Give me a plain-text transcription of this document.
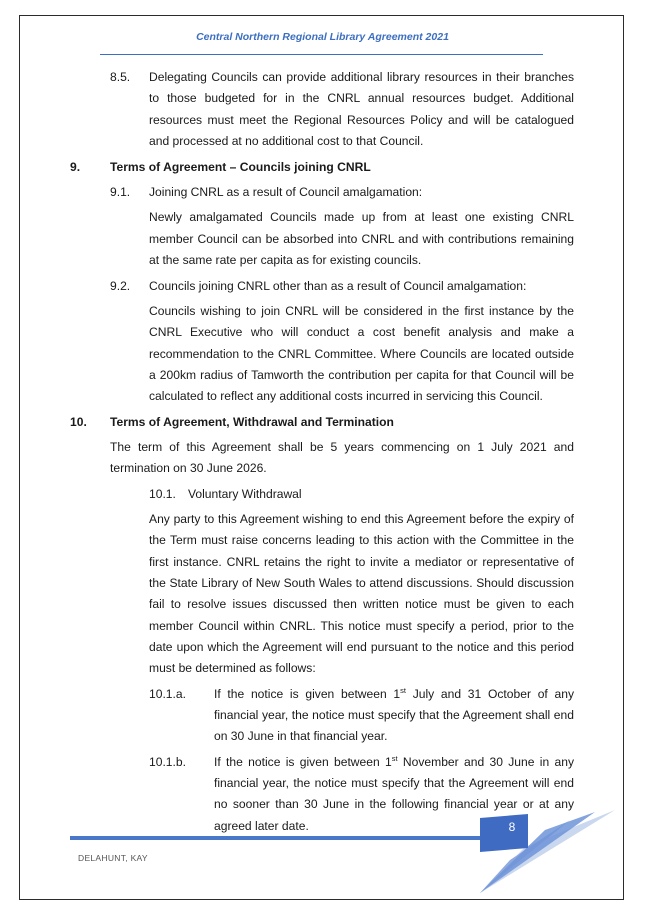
Central Northern Regional Library Agreement 2021
8.5. Delegating Councils can provide additional library resources in their branches
to those budgeted for in the CNRL annual resources budget. Additional
resources must meet the Regional Resources Policy and will be catalogued
and processed at no additional cost to that Council.
9. Terms of Agreement – Councils joining CNRL
9.1. Joining CNRL as a result of Council amalgamation:
Newly amalgamated Councils made up from at least one existing CNRL
member Council can be absorbed into CNRL and with contributions remaining
at the same rate per capita as for existing councils.
9.2. Councils joining CNRL other than as a result of Council amalgamation:
Councils wishing to join CNRL will be considered in the first instance by the
CNRL Executive who will conduct a cost benefit analysis and make a
recommendation to the CNRL Committee. Where Councils are located outside
a 200km radius of Tamworth the contribution per capita for that Council will be
calculated to reflect any additional costs incurred in servicing this Council.
10. Terms of Agreement, Withdrawal and Termination
The term of this Agreement shall be 5 years commencing on 1 July 2021 and
termination on 30 June 2026.
10.1. Voluntary Withdrawal
Any party to this Agreement wishing to end this Agreement before the expiry of
the Term must raise concerns leading to this action with the Committee in the
first instance. CNRL retains the right to invite a mediator or representative of
the State Library of New South Wales to attend discussions. Should discussion
fail to resolve issues discussed then written notice must be given to each
member Council within CNRL. This notice must specify a period, prior to the
date upon which the Agreement will end pursuant to the notice and this period
must be determined as follows:
10.1.a. If the notice is given between 1st July and 31 October of any
financial year, the notice must specify that the Agreement shall end
on 30 June in that financial year.
10.1.b. If the notice is given between 1st November and 30 June in any
financial year, the notice must specify that the Agreement will end
no sooner than 30 June in the following financial year or at any
agreed later date.	8
DELAHUNT, KAY
